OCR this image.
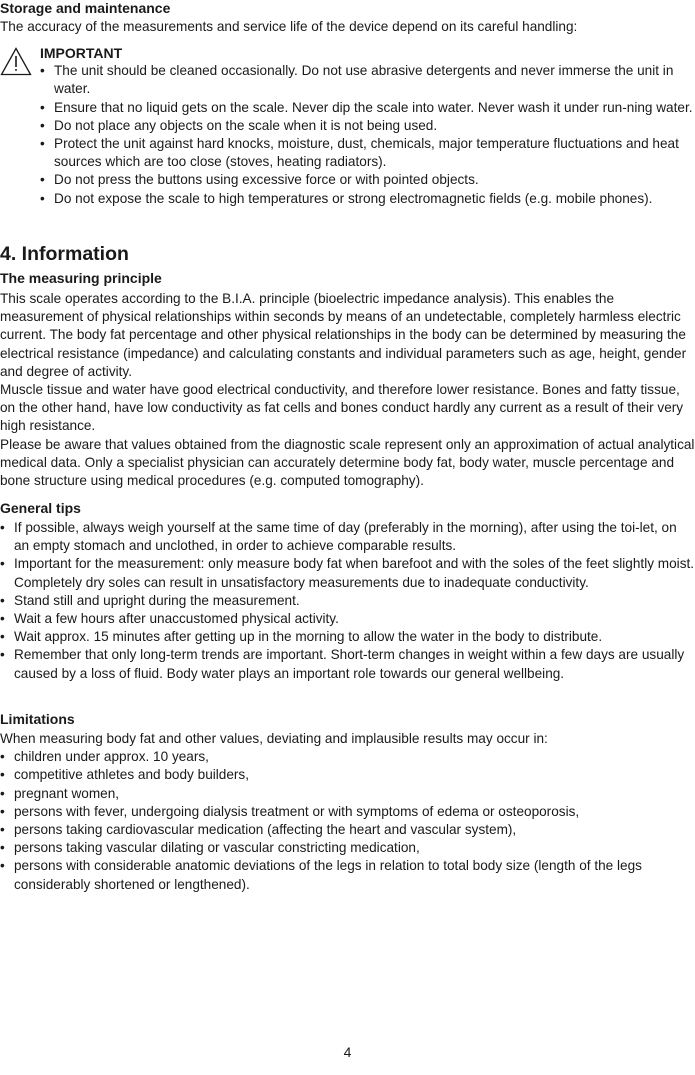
Storage and maintenance
The accuracy of the measurements and service life of the device depend on its careful handling:
IMPORTANT
• The unit should be cleaned occasionally. Do not use abrasive detergents and never immerse the unit in water.
• Ensure that no liquid gets on the scale. Never dip the scale into water. Never wash it under run-ning water.
• Do not place any objects on the scale when it is not being used.
• Protect the unit against hard knocks, moisture, dust, chemicals, major temperature fluctuations and heat sources which are too close (stoves, heating radiators).
• Do not press the buttons using excessive force or with pointed objects.
• Do not expose the scale to high temperatures or strong electromagnetic fields (e.g. mobile phones).
4. Information
The measuring principle
This scale operates according to the B.I.A. principle (bioelectric impedance analysis). This enables the measurement of physical relationships within seconds by means of an undetectable, completely harmless electric current. The body fat percentage and other physical relationships in the body can be determined by measuring the electrical resistance (impedance) and calculating constants and individual parameters such as age, height, gender and degree of activity.
Muscle tissue and water have good electrical conductivity, and therefore lower resistance. Bones and fatty tissue, on the other hand, have low conductivity as fat cells and bones conduct hardly any current as a result of their very high resistance.
Please be aware that values obtained from the diagnostic scale represent only an approximation of actual analytical medical data. Only a specialist physician can accurately determine body fat, body water, muscle percentage and bone structure using medical procedures (e.g. computed tomography).
General tips
• If possible, always weigh yourself at the same time of day (preferably in the morning), after using the toi-let, on an empty stomach and unclothed, in order to achieve comparable results.
• Important for the measurement: only measure body fat when barefoot and with the soles of the feet slightly moist.
Completely dry soles can result in unsatisfactory measurements due to inadequate conductivity.
• Stand still and upright during the measurement.
• Wait a few hours after unaccustomed physical activity.
• Wait approx. 15 minutes after getting up in the morning to allow the water in the body to distribute.
• Remember that only long-term trends are important. Short-term changes in weight within a few days are usually caused by a loss of fluid. Body water plays an important role towards our general wellbeing.
Limitations
When measuring body fat and other values, deviating and implausible results may occur in:
• children under approx. 10 years,
• competitive athletes and body builders,
• pregnant women,
• persons with fever, undergoing dialysis treatment or with symptoms of edema or osteoporosis,
• persons taking cardiovascular medication (affecting the heart and vascular system),
• persons taking vascular dilating or vascular constricting medication,
• persons with considerable anatomic deviations of the legs in relation to total body size (length of the legs considerably shortened or lengthened).
4
